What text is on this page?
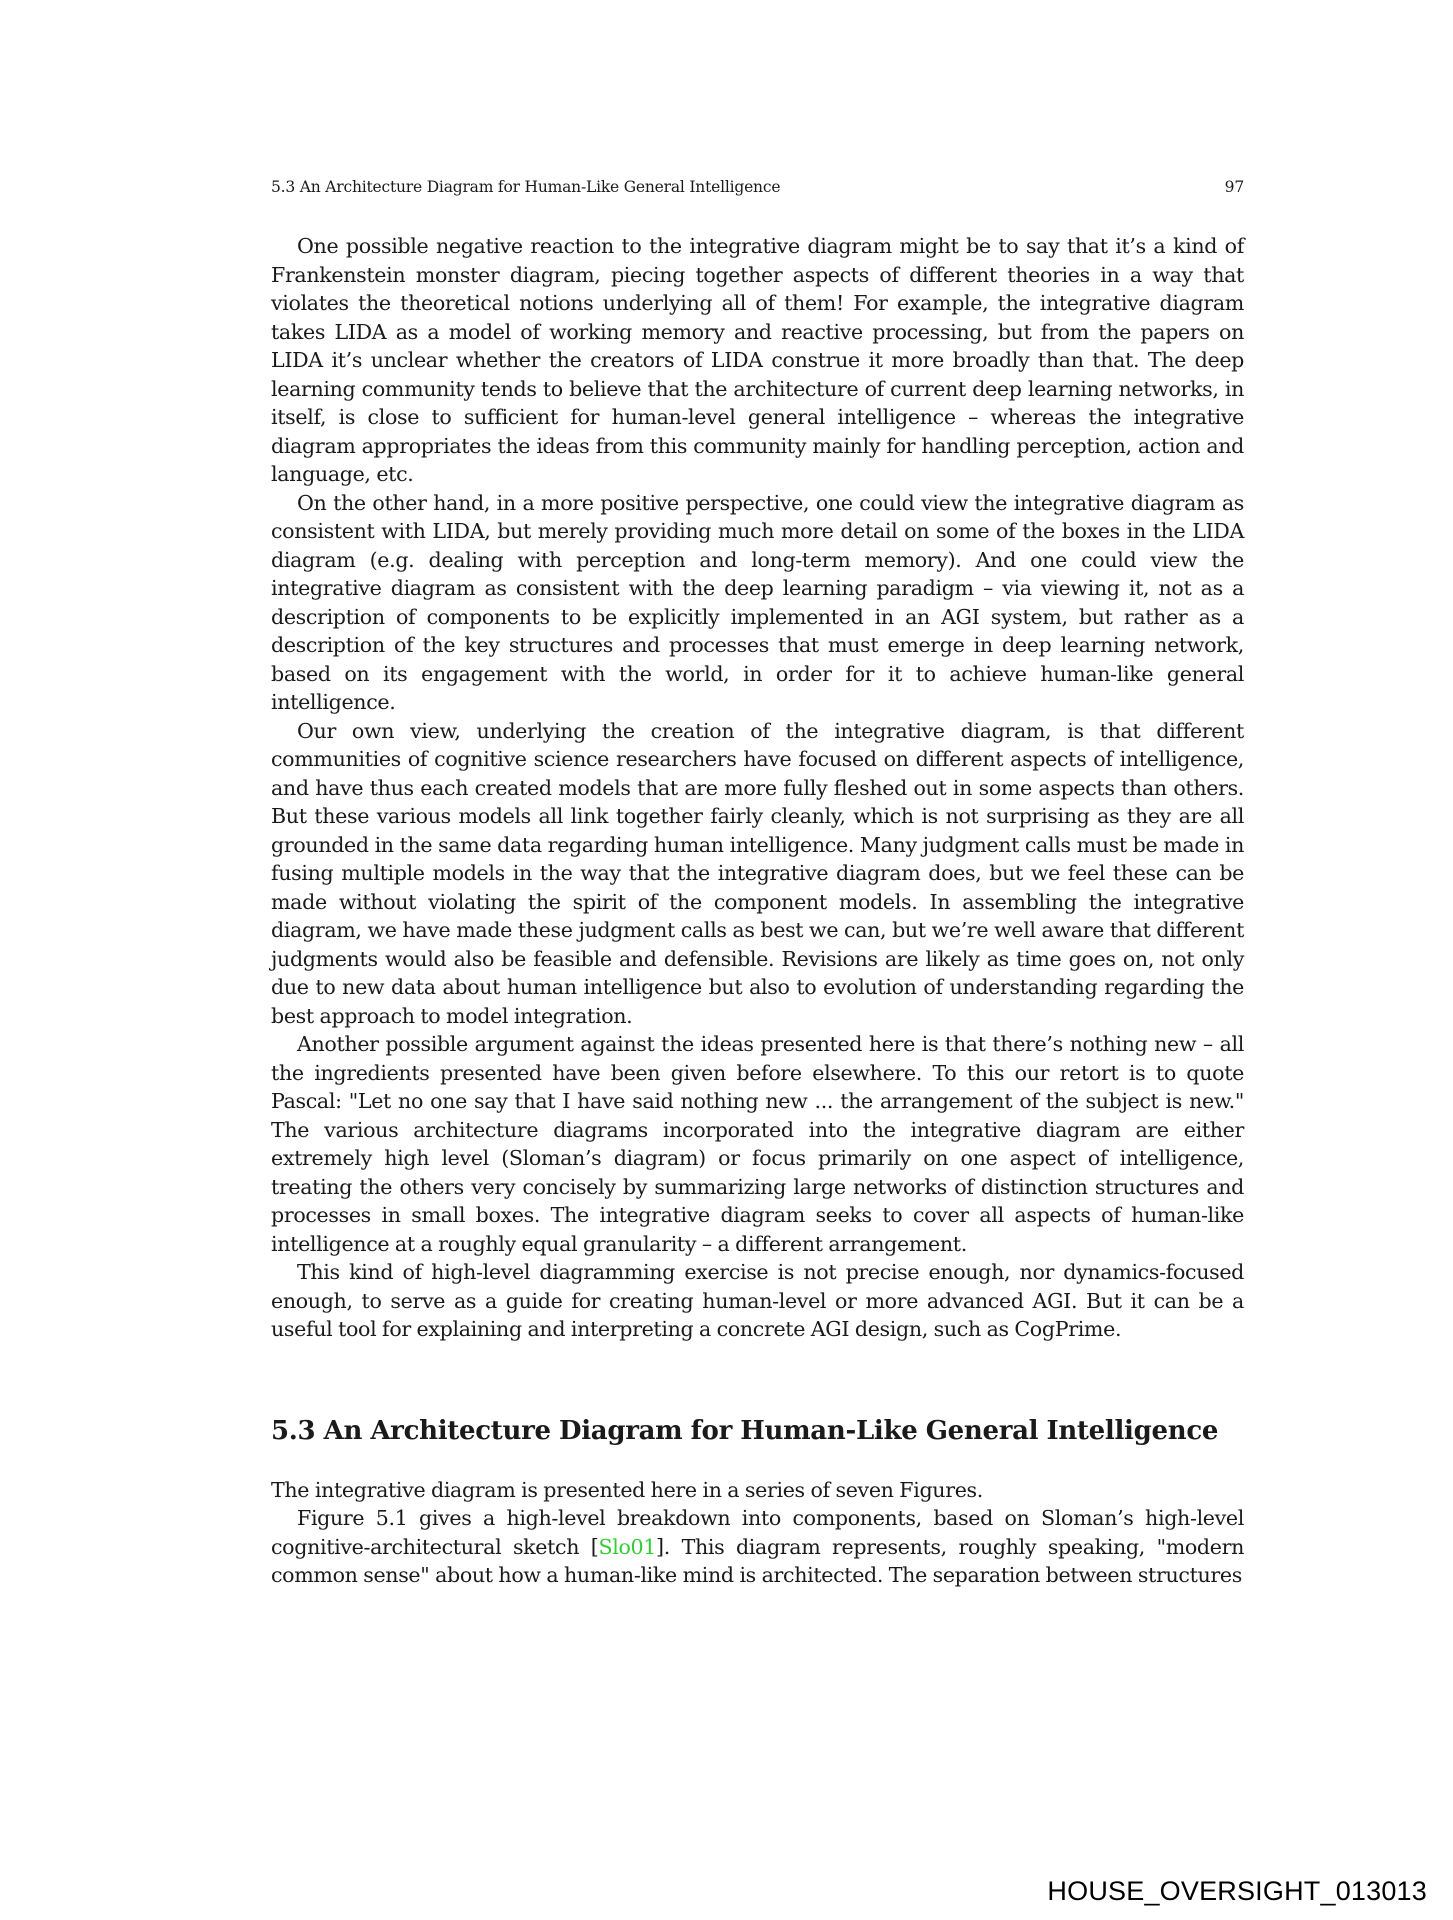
5.3 An Architecture Diagram for Human-Like General Intelligence	97

One possible negative reaction to the integrative diagram might be to say that it’s a kind of Frankenstein monster diagram, piecing together aspects of different theories in a way that violates the theoretical notions underlying all of them! For example, the integrative diagram takes LIDA as a model of working memory and reactive processing, but from the papers on LIDA it’s unclear whether the creators of LIDA construe it more broadly than that. The deep learning community tends to believe that the architecture of current deep learning networks, in itself, is close to sufficient for human-level general intelligence – whereas the integrative diagram appropriates the ideas from this community mainly for handling perception, action and language, etc.

On the other hand, in a more positive perspective, one could view the integrative diagram as consistent with LIDA, but merely providing much more detail on some of the boxes in the LIDA diagram (e.g. dealing with perception and long-term memory). And one could view the integrative diagram as consistent with the deep learning paradigm – via viewing it, not as a description of components to be explicitly implemented in an AGI system, but rather as a description of the key structures and processes that must emerge in deep learning network, based on its engagement with the world, in order for it to achieve human-like general intelligence.

Our own view, underlying the creation of the integrative diagram, is that different communities of cognitive science researchers have focused on different aspects of intelligence, and have thus each created models that are more fully fleshed out in some aspects than others. But these various models all link together fairly cleanly, which is not surprising as they are all grounded in the same data regarding human intelligence. Many judgment calls must be made in fusing multiple models in the way that the integrative diagram does, but we feel these can be made without violating the spirit of the component models. In assembling the integrative diagram, we have made these judgment calls as best we can, but we’re well aware that different judgments would also be feasible and defensible. Revisions are likely as time goes on, not only due to new data about human intelligence but also to evolution of understanding regarding the best approach to model integration.

Another possible argument against the ideas presented here is that there’s nothing new – all the ingredients presented have been given before elsewhere. To this our retort is to quote Pascal: "Let no one say that I have said nothing new ... the arrangement of the subject is new." The various architecture diagrams incorporated into the integrative diagram are either extremely high level (Sloman’s diagram) or focus primarily on one aspect of intelligence, treating the others very concisely by summarizing large networks of distinction structures and processes in small boxes. The integrative diagram seeks to cover all aspects of human-like intelligence at a roughly equal granularity – a different arrangement.

This kind of high-level diagramming exercise is not precise enough, nor dynamics-focused enough, to serve as a guide for creating human-level or more advanced AGI. But it can be a useful tool for explaining and interpreting a concrete AGI design, such as CogPrime.

5.3 An Architecture Diagram for Human-Like General Intelligence

The integrative diagram is presented here in a series of seven Figures.

Figure 5.1 gives a high-level breakdown into components, based on Sloman’s high-level cognitive-architectural sketch [Slo01]. This diagram represents, roughly speaking, "modern common sense" about how a human-like mind is architected. The separation between structures

HOUSE_OVERSIGHT_013013
